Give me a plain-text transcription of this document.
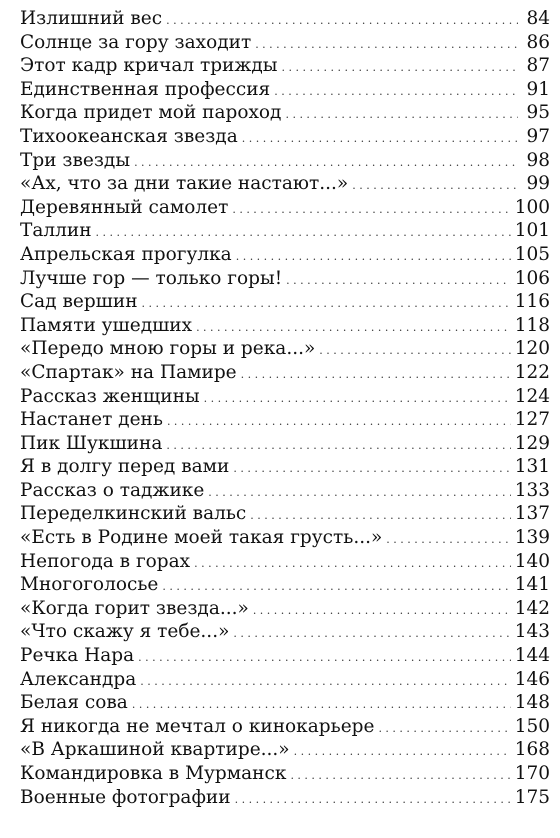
Излишний вес . . .	84
Солнце за гору заходит . . .	86
Этот кадр кричал трижды . . .	87
Единственная профессия . . .	91
Когда придет мой пароход . . .	95
Тихоокеанская звезда . . .	97
Три звезды . . .	98
«Ах, что за дни такие настают...» . . .	99
Деревянный самолет . . .	100
Таллин . . .	101
Апрельская прогулка . . .	105
Лучше гор — только горы! . . .	106
Сад вершин . . .	116
Памяти ушедших . . .	118
«Передо мною горы и река...» . . .	120
«Спартак» на Памире . . .	122
Рассказ женщины . . .	124
Настанет день . . .	127
Пик Шукшина . . .	129
Я в долгу перед вами . . .	131
Рассказ о таджике . . .	133
Переделкинский вальс . . .	137
«Есть в Родине моей такая грусть...» . . .	139
Непогода в горах . . .	140
Многоголосье . . .	141
«Когда горит звезда...» . . .	142
«Что скажу я тебе...» . . .	143
Речка Нара . . .	144
Александра . . .	146
Белая сова . . .	148
Я никогда не мечтал о кинокарьере . . .	150
«В Аркашиной квартире...» . . .	168
Командировка в Мурманск . . .	170
Военные фотографии . . .	175
